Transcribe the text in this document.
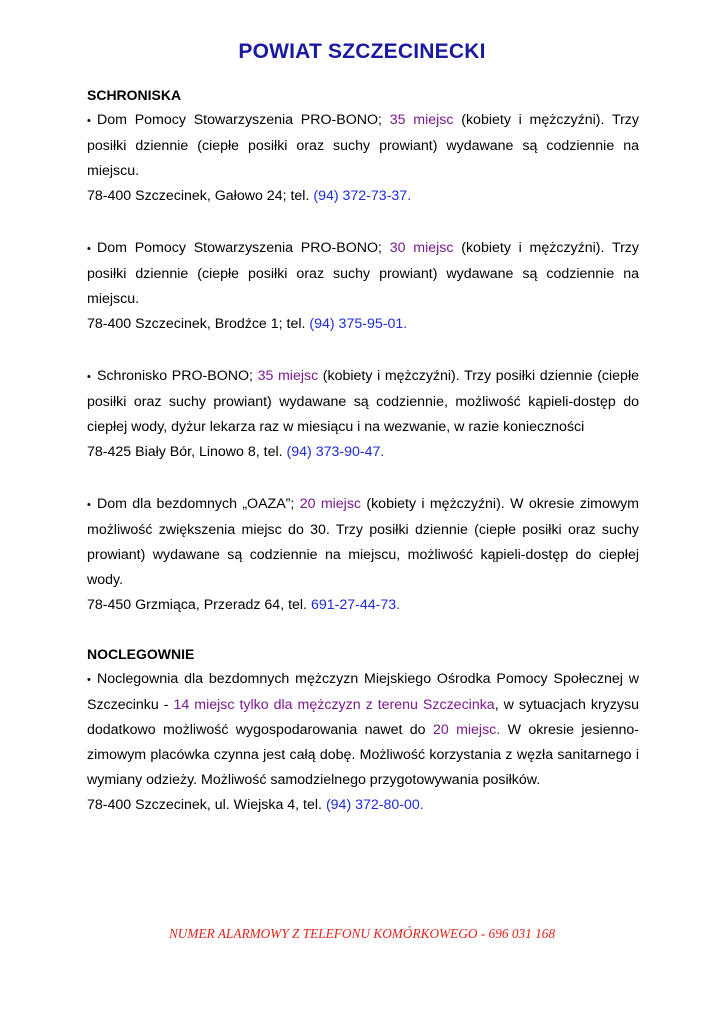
POWIAT SZCZECINECKI
SCHRONISKA

• Dom Pomocy Stowarzyszenia PRO-BONO; 35 miejsc (kobiety i mężczyźni). Trzy posiłki dziennie (ciepłe posiłki oraz suchy prowiant) wydawane są codziennie na miejscu.

78-400 Szczecinek, Gałowo 24; tel. (94) 372-73-37.

• Dom Pomocy Stowarzyszenia PRO-BONO; 30 miejsc (kobiety i mężczyźni). Trzy posiłki dziennie (ciepłe posiłki oraz suchy prowiant) wydawane są codziennie na miejscu.

78-400 Szczecinek, Brodźce 1; tel. (94) 375-95-01.

• Schronisko PRO-BONO; 35 miejsc (kobiety i mężczyźni). Trzy posiłki dziennie (ciepłe posiłki oraz suchy prowiant) wydawane są codziennie, możliwość kąpieli-dostęp do ciepłej wody, dyżur lekarza raz w miesiącu i na wezwanie, w razie konieczności

78-425 Biały Bór, Linowo 8, tel. (94) 373-90-47.

• Dom dla bezdomnych „OAZA”; 20 miejsc (kobiety i mężczyźni). W okresie zimowym możliwość zwiększenia miejsc do 30. Trzy posiłki dziennie (ciepłe posiłki oraz suchy prowiant) wydawane są codziennie na miejscu, możliwość kąpieli-dostęp do ciepłej wody.

78-450 Grzmiąca, Przeradz 64, tel. 691-27-44-73.

NOCLEGOWNIE

• Noclegownia dla bezdomnych mężczyzn Miejskiego Ośrodka Pomocy Społecznej w Szczecinku - 14 miejsc tylko dla mężczyzn z terenu Szczecinka, w sytuacjach kryzysu dodatkowo możliwość wygospodarowania nawet do 20 miejsc. W okresie jesienno-zimowym placówka czynna jest całą dobę. Możliwość korzystania z węzła sanitarnego i wymiany odzieży. Możliwość samodzielnego przygotowywania posiłków.

78-400 Szczecinek, ul. Wiejska 4, tel. (94) 372-80-00.

NUMER ALARMOWY Z TELEFONU KOMÓRKOWEGO - 696 031 168
